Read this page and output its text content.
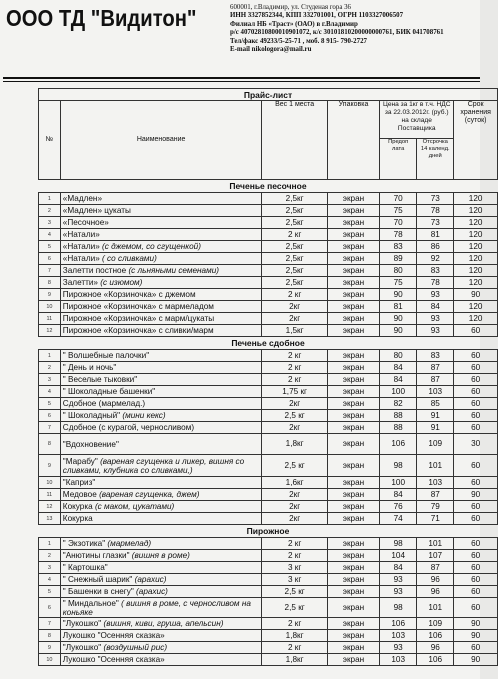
ООО ТД "Видитон"	600001, г.Владимир, ул. Студеная гора 36
ИНН 3327852344, КПП 332701001, ОГРН 1103327006507
Филиал НБ «Траст» (ОАО) в г.Владимир
р/с 40702810800010901072, к/с 30101810200000000761, БИК 041708761
Тел/факс 49233/5-25-71 , моб. 8 915- 790-2727
E-mail nikologora@mail.ru
Прайс-лист						
№	Наименование	Вес 1 места	Упаковка	Цена за 1кг в т.ч. НДС за 22.03.2012г. (руб.) на складе Поставщика		Срок хранения (суток)
				Предоп лата	Отсрочка 14 календ. дней	
Печенье песочное						
1	«Мадлен»	2,5кг	экран	70	73	120
2	«Мадлен» цукаты	2,5кг	экран	75	78	120
3	«Песочное»	2,5кг	экран	70	73	120
4	«Натали»	2 кг	экран	78	81	120
5	«Натали» (с джемом, со сгущенкой)	2,5кг	экран	83	86	120
6	«Натали» ( со сливками)	2,5кг	экран	89	92	120
7	Залетти постное (с льняными семенами)	2,5кг	экран	80	83	120
8	Залетти» (с изюмом)	2,5кг	экран	75	78	120
9	Пирожное «Корзиночка» с джемом	2 кг	экран	90	93	90
10	Пирожное «Корзиночка» с мармеладом	2кг	экран	81	84	120
11	Пирожное «Корзиночка» с марм/цукаты	2кг	экран	90	93	120
12	Пирожное «Корзиночка» с сливки/марм	1,5кг	экран	90	93	60
Печенье сдобное						
1	" Волшебные палочки"	2 кг	экран	80	83	60
2	" День и ночь"	2 кг	экран	84	87	60
3	" Веселые тыковки"	2 кг	экран	84	87	60
4	" Шоколадные башенки"	1,75 кг	экран	100	103	60
5	Сдобное (мармелад.)	2кг	экран	82	85	60
6	" Шоколадный" (мини кекс)	2,5 кг	экран	88	91	60
7	Сдобное (с курагой, черносливом)	2кг	экран	88	91	60
8	"Вдохновение"	1,8кг	экран	106	109	30
9	"Марабу" (вареная сгущенка и ликер, вишня со сливками, клубника со сливками,)	2,5 кг	экран	98	101	60
10	"Каприз"	1,6кг	экран	100	103	60
11	Медовое (вареная сгущенка, джем)	2кг	экран	84	87	90
12	Кокурка (с маком, цукатами)	2кг	экран	76	79	60
13	Кокурка	2кг	экран	74	71	60
Пирожное						
1	" Экзотика" (мармелад)	2 кг	экран	98	101	60
2	"Анютины глазки" (вишня в роме)	2 кг	экран	104	107	60
3	" Картошка"	3 кг	экран	84	87	60
4	" Снежный шарик" (арахис)	3 кг	экран	93	96	60
5	" Башенки в снегу" (арахис)	2,5 кг	экран	93	96	60
6	" Миндальное" ( вишня в роме, с черносливом на коньяке	2,5 кг	экран	98	101	60
7	"Лукошко" (вишня, киви, груша, апельсин)	2 кг	экран	106	109	90
8	Лукошко "Осенняя сказка»	1,8кг	экран	103	106	90
9	"Лукошко" (воздушный рис)	2 кг	экран	93	96	60
10	Лукошко "Осенняя сказка»	1,8кг	экран	103	106	90
